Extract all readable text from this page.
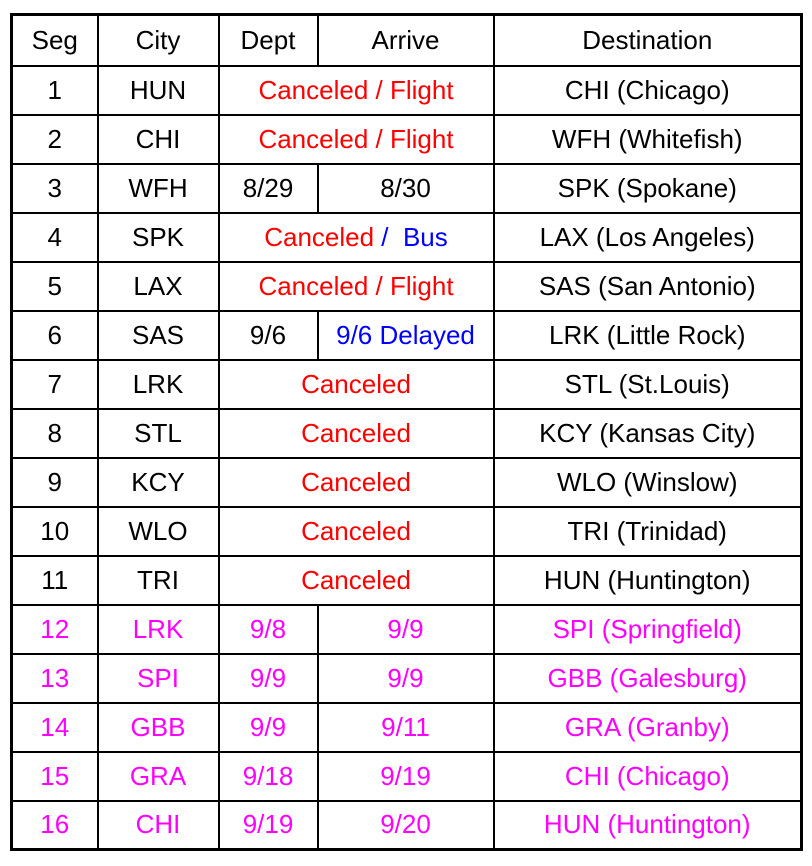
Seg	City	Dept	Arrive	Destination
1	HUN	Canceled / Flight		CHI (Chicago)
2	CHI	Canceled / Flight		WFH (Whitefish)
3	WFH	8/29	8/30	SPK (Spokane)
4	SPK	Canceled /  Bus		LAX (Los Angeles)
5	LAX	Canceled / Flight		SAS (San Antonio)
6	SAS	9/6	9/6 Delayed	LRK (Little Rock)
7	LRK	Canceled		STL (St.Louis)
8	STL	Canceled		KCY (Kansas City)
9	KCY	Canceled		WLO (Winslow)
10	WLO	Canceled		TRI (Trinidad)
11	TRI	Canceled		HUN (Huntington)
12	LRK	9/8	9/9	SPI (Springfield)
13	SPI	9/9	9/9	GBB (Galesburg)
14	GBB	9/9	9/11	GRA (Granby)
15	GRA	9/18	9/19	CHI (Chicago)
16	CHI	9/19	9/20	HUN (Huntington)
